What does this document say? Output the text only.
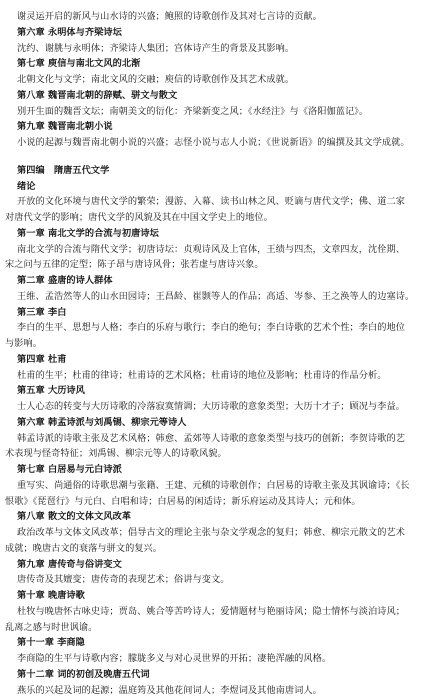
谢灵运开启的新风与山水诗的兴盛；鲍照的诗歌创作及其对七言诗的贡献。
第六章 永明体与齐梁诗坛
沈约、谢朓与永明体；齐梁诗人集团；宫体诗产生的背景及其影响。
第七章 庾信与南北文风的北渐
北朝文化与文学；南北文风的交融；庾信的诗歌创作及其艺术成就。
第八章 魏晋南北朝的辞赋、骈文与散文
别开生面的魏晋文坛；南朝美文的衍化：齐梁新变之风；《水经注》与《洛阳伽蓝记》。
第九章 魏晋南北朝小说
小说的起源与魏晋南北朝小说的兴盛；志怪小说与志人小说；《世说新语》的编撰及其文学成就。
第四编　隋唐五代文学
绪论
开放的文化环境与唐代文学的繁荣；漫游、入幕、读书山林之风、贬谪与唐代文学；佛、道二家
对唐代文学的影响；唐代文学的风貌及其在中国文学史上的地位。
第一章 南北文学的合流与初唐诗坛
南北文学的合流与隋代文学；初唐诗坛：贞观诗风及上官体，王绩与四杰，文章四友，沈佺期、
宋之问与五律的定型；陈子昂与唐诗风骨；张若虚与唐诗兴象。
第二章 盛唐的诗人群体
王维、孟浩然等人的山水田园诗；王昌龄、崔颢等人的作品；高适、岑参、王之涣等人的边塞诗。
第三章 李白
李白的生平、思想与人格；李白的乐府与歌行；李白的绝句；李白诗歌的艺术个性；李白的地位
与影响。
第四章 杜甫
杜甫的生平；杜甫的律诗；杜甫诗的艺术风格；杜甫诗的地位及影响；杜甫诗的作品分析。
第五章 大历诗风
士人心态的转变与大历诗歌的冷落寂寞情调；大历诗歌的意象类型；大历十才子；顾况与李益。
第六章 韩孟诗派与刘禹锡、柳宗元等诗人
韩孟诗派的诗歌主张及艺术风格；韩愈、孟郊等人诗歌的意象类型与技巧的创新；李贺诗歌的艺
术表现与怪奇特征；刘禹锡、柳宗元等人的诗歌风貌。
第七章 白居易与元白诗派
重写实、尚通俗的诗歌思潮与张籍、王建、元稹的诗歌创作；白居易的诗歌主张及其讽谕诗；《长
恨歌》《琵琶行》与元白、白唱和诗；白居易的闲适诗；新乐府运动及其诗人；元和体。
第八章 散文的文体文风改革
政治改革与文体文风改革；倡导古文的理论主张与杂文学观念的复归；韩愈、柳宗元散文的艺术
成就；晚唐古文的衰落与骈文的复兴。
第九章 唐传奇与俗讲变文
唐传奇及其嬗变；唐传奇的表现艺术；俗讲与变文。
第十章 晚唐诗歌
杜牧与晚唐怀古咏史诗；贾岛、姚合等苦吟诗人；爱情题材与艳丽诗风；隐士情怀与淡泊诗风；
乱离之感与时世讽谕。
第十一章 李商隐
李商隐的生平与诗歌内容；朦胧多义与对心灵世界的开拓；凄艳浑融的风格。
第十二章 词的初创及晚唐五代词
燕乐的兴起及词的起源；温庭筠及其他花间词人；李煜词及其他南唐词人。
